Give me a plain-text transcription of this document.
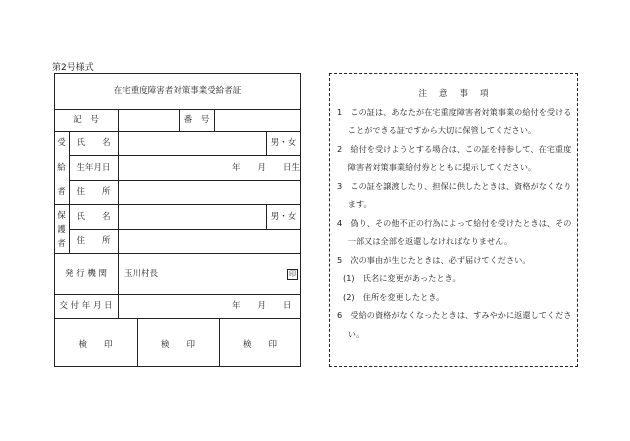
第2号様式
在宅重度障害者対策事業受給者証
記　号	番　号
受
給
者
氏　　名	男・女
生年月日	年　　月　　日生
住　　所
保
護
者
氏　　名	男・女
住　　所
発 行 機 関	玉川村長	印
交 付 年 月 日	年　　月　　日
検　　印	検　　印	検　　印
注 意 事 項
1　この証は、あなたが在宅重度障害者対策事業の給付を受ける
　 ことができる証ですから大切に保管してください。
2　給付を受けようとする場合は、この証を持参して、在宅重度
　 障害者対策事業給付券とともに提示してください。
3　この証を譲渡したり、担保に供したときは、資格がなくなり
　 ます。
4　偽り、その他不正の行為によって給付を受けたときは、その
　 一部又は全部を返還しなければなりません。
5　次の事由が生じたときは、必ず届けてください。
(1)　氏名に変更があったとき。
(2)　住所を変更したとき。
6　受給の資格がなくなったときは、すみやかに返還してくださ
　 い。
